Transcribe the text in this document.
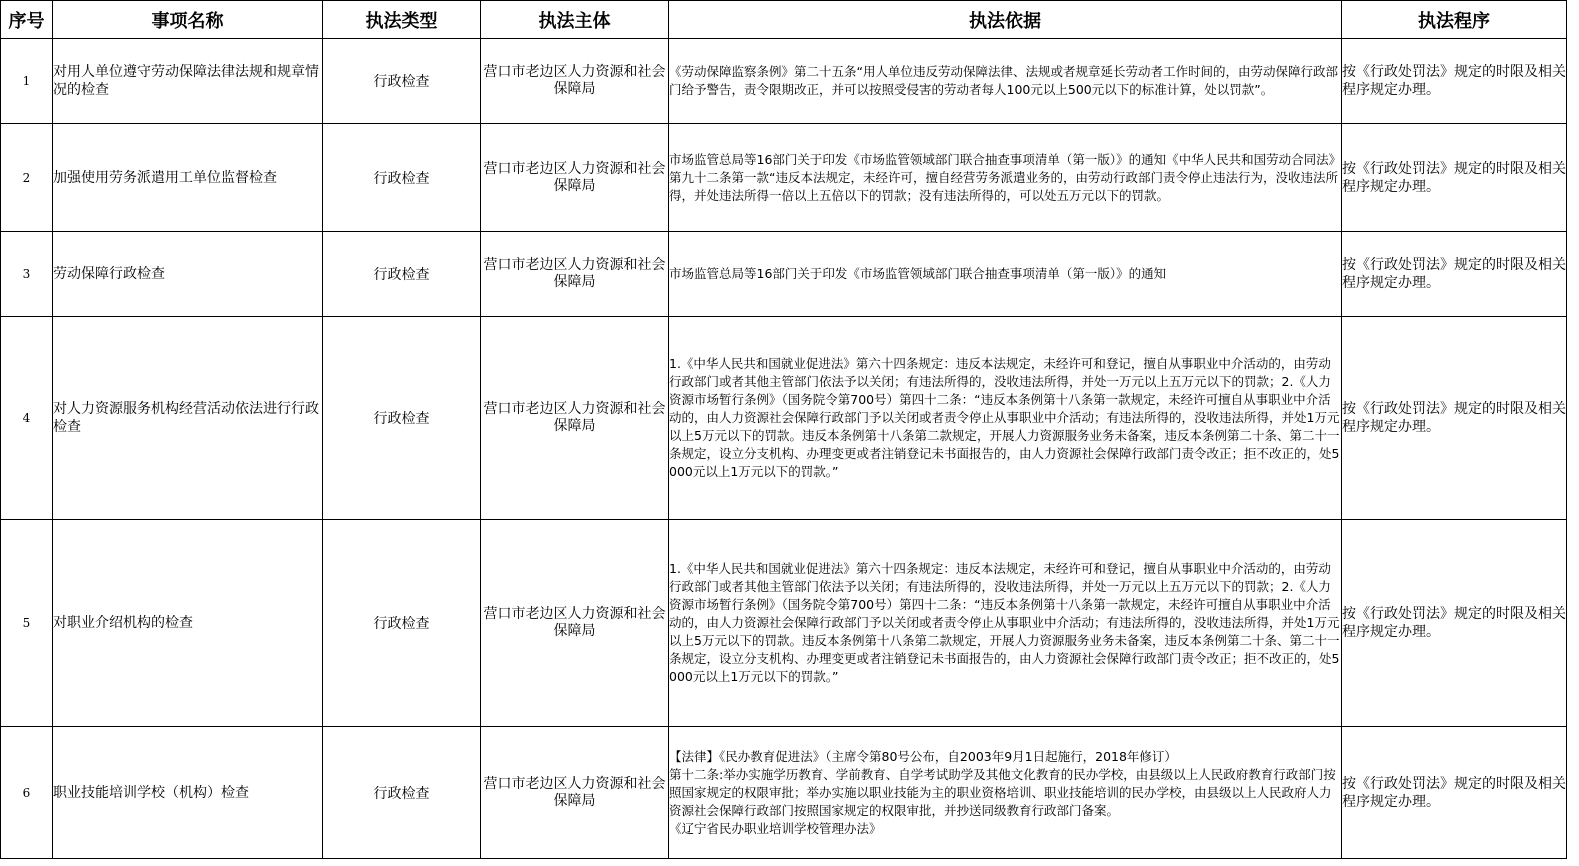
序号	事项名称	执法类型	执法主体	执法依据	执法程序
1	对用人单位遵守劳动保障法律法规和规章情况的检查	行政检查	营口市老边区人力资源和社会保障局	《劳动保障监察条例》第二十五条“用人单位违反劳动保障法律、法规或者规章延长劳动者工作时间的，由劳动保障行政部门给予警告，责令限期改正，并可以按照受侵害的劳动者每人100元以上500元以下的标准计算，处以罚款”。	按《行政处罚法》规定的时限及相关程序规定办理。
2	加强使用劳务派遣用工单位监督检查	行政检查	营口市老边区人力资源和社会保障局	市场监管总局等16部门关于印发《市场监管领域部门联合抽查事项清单（第一版）》的通知《中华人民共和国劳动合同法》第九十二条第一款“违反本法规定，未经许可，擅自经营劳务派遣业务的，由劳动行政部门责令停止违法行为，没收违法所得，并处违法所得一倍以上五倍以下的罚款；没有违法所得的，可以处五万元以下的罚款。	按《行政处罚法》规定的时限及相关程序规定办理。
3	劳动保障行政检查	行政检查	营口市老边区人力资源和社会保障局	市场监管总局等16部门关于印发《市场监管领域部门联合抽查事项清单（第一版）》的通知	按《行政处罚法》规定的时限及相关程序规定办理。
4	对人力资源服务机构经营活动依法进行行政检查	行政检查	营口市老边区人力资源和社会保障局	1.《中华人民共和国就业促进法》第六十四条规定：违反本法规定，未经许可和登记，擅自从事职业中介活动的，由劳动行政部门或者其他主管部门依法予以关闭；有违法所得的，没收违法所得，并处一万元以上五万元以下的罚款；2.《人力资源市场暂行条例》（国务院令第700号）第四十二条：“违反本条例第十八条第一款规定，未经许可擅自从事职业中介活动的，由人力资源社会保障行政部门予以关闭或者责令停止从事职业中介活动；有违法所得的，没收违法所得，并处1万元以上5万元以下的罚款。违反本条例第十八条第二款规定，开展人力资源服务业务未备案，违反本条例第二十条、第二十一条规定，设立分支机构、办理变更或者注销登记未书面报告的，由人力资源社会保障行政部门责令改正；拒不改正的，处5000元以上1万元以下的罚款。”	按《行政处罚法》规定的时限及相关程序规定办理。
5	对职业介绍机构的检查	行政检查	营口市老边区人力资源和社会保障局	1.《中华人民共和国就业促进法》第六十四条规定：违反本法规定，未经许可和登记，擅自从事职业中介活动的，由劳动行政部门或者其他主管部门依法予以关闭；有违法所得的，没收违法所得，并处一万元以上五万元以下的罚款；2.《人力资源市场暂行条例》（国务院令第700号）第四十二条：“违反本条例第十八条第一款规定，未经许可擅自从事职业中介活动的，由人力资源社会保障行政部门予以关闭或者责令停止从事职业中介活动；有违法所得的，没收违法所得，并处1万元以上5万元以下的罚款。违反本条例第十八条第二款规定，开展人力资源服务业务未备案，违反本条例第二十条、第二十一条规定，设立分支机构、办理变更或者注销登记未书面报告的，由人力资源社会保障行政部门责令改正；拒不改正的，处5000元以上1万元以下的罚款。”	按《行政处罚法》规定的时限及相关程序规定办理。
6	职业技能培训学校（机构）检查	行政检查	营口市老边区人力资源和社会保障局	【法律】《民办教育促进法》（主席令第80号公布，自2003年9月1日起施行，2018年修订）
第十二条:举办实施学历教育、学前教育、自学考试助学及其他文化教育的民办学校，由县级以上人民政府教育行政部门按照国家规定的权限审批；举办实施以职业技能为主的职业资格培训、职业技能培训的民办学校，由县级以上人民政府人力资源社会保障行政部门按照国家规定的权限审批，并抄送同级教育行政部门备案。
《辽宁省民办职业培训学校管理办法》	按《行政处罚法》规定的时限及相关程序规定办理。
